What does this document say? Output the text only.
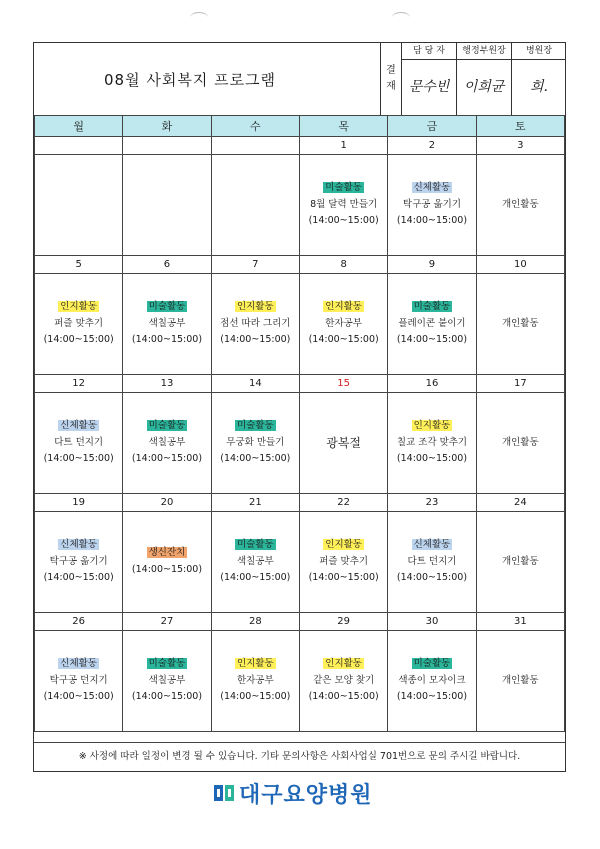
08월 사회복지 프로그램
결
재
담 당 자
문수빈
행정부원장
이희균
병원장
희.
월	화	수	목	금	토
			1	2	3
			미술활동
8월 달력 만들기
(14:00~15:00)	신체활동
탁구공 옮기기
(14:00~15:00)	개인활동
5	6	7	8	9	10
인지활동
퍼즐 맞추기
(14:00~15:00)	미술활동
색칠공부
(14:00~15:00)	인지활동
점선 따라 그리기
(14:00~15:00)	인지활동
한자공부
(14:00~15:00)	미술활동
플레이콘 붙이기
(14:00~15:00)	개인활동
12	13	14	15	16	17
신체활동
다트 던지기
(14:00~15:00)	미술활동
색칠공부
(14:00~15:00)	미술활동
무궁화 만들기
(14:00~15:00)	광복절	인지활동
칠교 조각 맞추기
(14:00~15:00)	개인활동
19	20	21	22	23	24
신체활동
탁구공 옮기기
(14:00~15:00)	생신잔치
(14:00~15:00)	미술활동
색칠공부
(14:00~15:00)	인지활동
퍼즐 맞추기
(14:00~15:00)	신체활동
다트 던지기
(14:00~15:00)	개인활동
26	27	28	29	30	31
신체활동
탁구공 던지기
(14:00~15:00)	미술활동
색칠공부
(14:00~15:00)	인지활동
한자공부
(14:00~15:00)	인지활동
같은 모양 찾기
(14:00~15:00)	미술활동
색종이 모자이크
(14:00~15:00)	개인활동
※ 사정에 따라 일정이 변경 될 수 있습니다. 기타 문의사항은 사회사업실 701번으로 문의 주시길 바랍니다.
대구요양병원
